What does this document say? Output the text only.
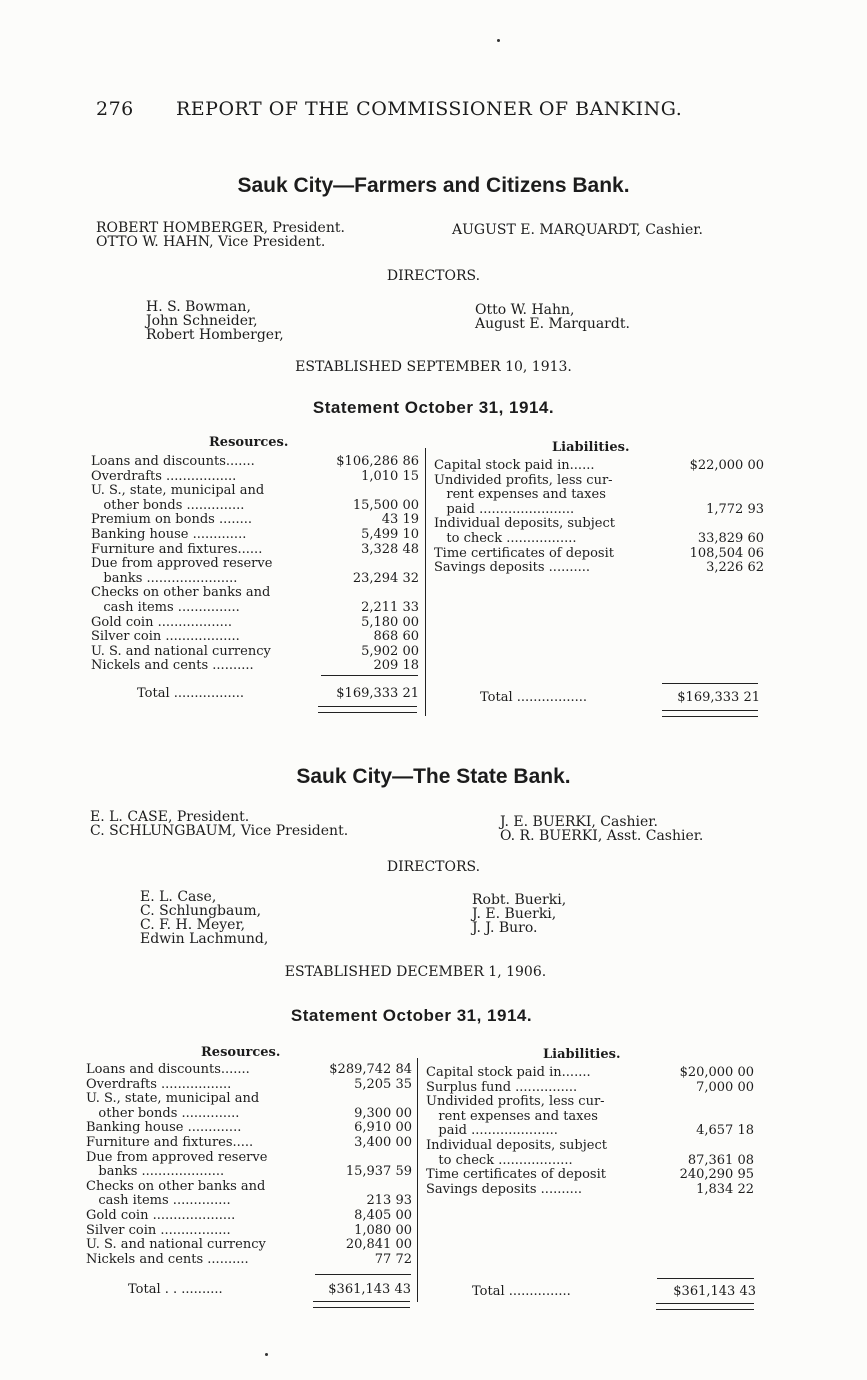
276 REPORT OF THE COMMISSIONER OF BANKING.
Sauk City—Farmers and Citizens Bank.
ROBERT HOMBERGER, President.
OTTO W. HAHN, Vice President.
AUGUST E. MARQUARDT, Cashier.
DIRECTORS.
H. S. Bowman,
John Schneider,
Robert Homberger,
Otto W. Hahn,
August E. Marquardt.
ESTABLISHED SEPTEMBER 10, 1913.
Statement October 31, 1914.
Resources.	Liabilities.
Loans and discounts.......	$106,286 86
Overdrafts .................	1,010 15
U. S., state, municipal and
other bonds ..............	15,500 00
Premium on bonds ........	43 19
Banking house .............	5,499 10
Furniture and fixtures......	3,328 48
Due from approved reserve
banks ......................	23,294 32
Checks on other banks and
cash items ...............	2,211 33
Gold coin ..................	5,180 00
Silver coin ..................	868 60
U. S. and national currency	5,902 00
Nickels and cents ..........	209 18
Capital stock paid in......	$22,000 00
Undivided profits, less cur-
rent expenses and taxes
paid .......................	1,772 93
Individual deposits, subject
to check .................	33,829 60
Time certificates of deposit	108,504 06
Savings deposits ..........	3,226 62
Total .................	$169,333 21	Total .................	$169,333 21
Sauk City—The State Bank.
E. L. CASE, President.
C. SCHLUNGBAUM, Vice President.
J. E. BUERKI, Cashier.
O. R. BUERKI, Asst. Cashier.
DIRECTORS.
E. L. Case,
C. Schlungbaum,
C. F. H. Meyer,
Edwin Lachmund,
Robt. Buerki,
J. E. Buerki,
J. J. Buro.
ESTABLISHED DECEMBER 1, 1906.
Statement October 31, 1914.
Resources.	Liabilities.
Loans and discounts.......	$289,742 84
Overdrafts .................	5,205 35
U. S., state, municipal and
other bonds ..............	9,300 00
Banking house .............	6,910 00
Furniture and fixtures.....	3,400 00
Due from approved reserve
banks ....................	15,937 59
Checks on other banks and
cash items ..............	213 93
Gold coin ....................	8,405 00
Silver coin .................	1,080 00
U. S. and national currency	20,841 00
Nickels and cents ..........	77 72
Capital stock paid in.......	$20,000 00
Surplus fund ...............	7,000 00
Undivided profits, less cur-
rent expenses and taxes
paid .....................	4,657 18
Individual deposits, subject
to check ..................	87,361 08
Time certificates of deposit	240,290 95
Savings deposits ..........	1,834 22
Total . . ..........	$361,143 43	Total ...............	$361,143 43
